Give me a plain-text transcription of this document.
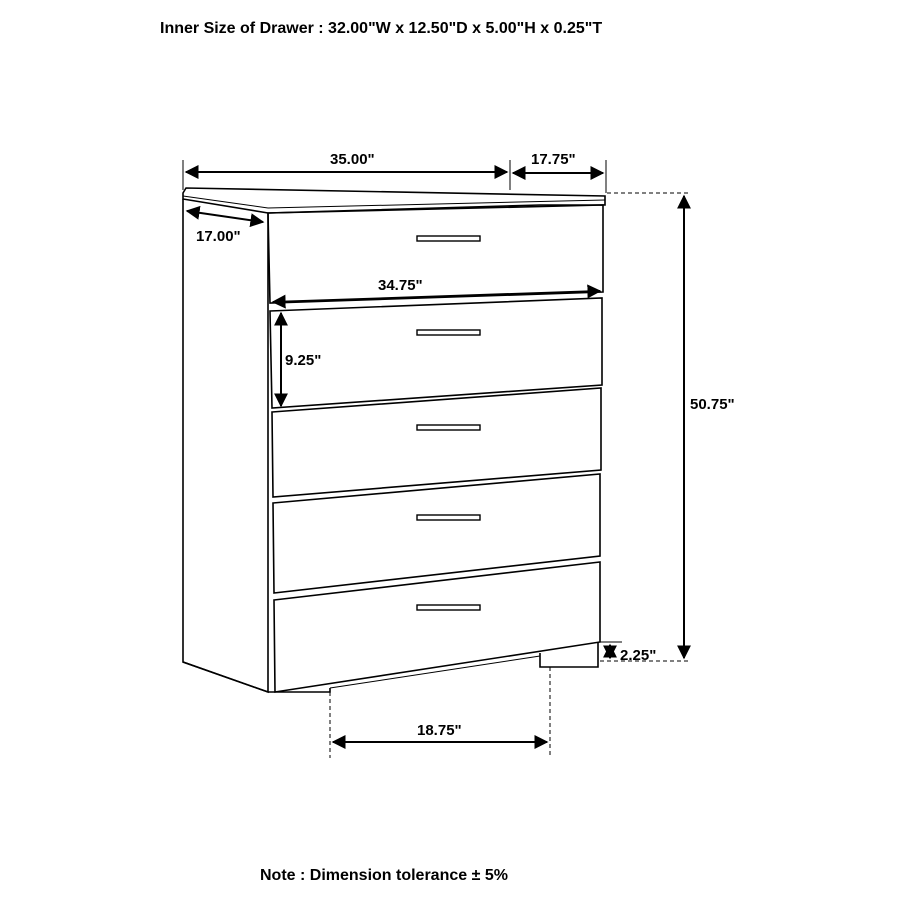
Inner Size of Drawer : 32.00"W x 12.50"D x 5.00"H x 0.25"T
35.00"	17.75"
17.00"
34.75"
9.25"
50.75"
2.25"
18.75"
Note : Dimension tolerance ± 5%
